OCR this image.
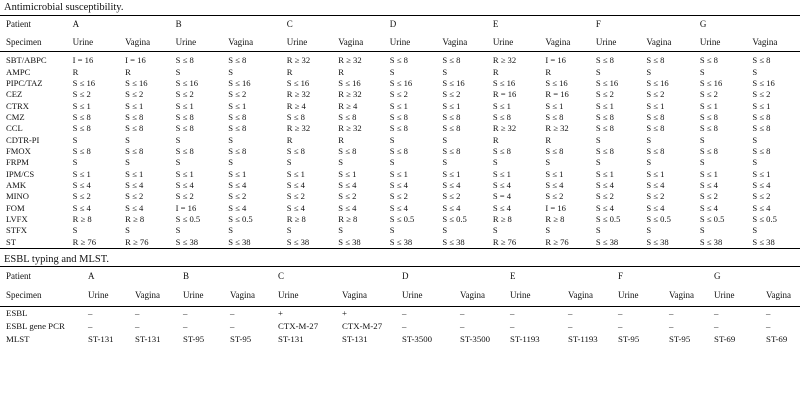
Antimicrobial susceptibility.
Patient	A		B		C		D		E		F		G	
Specimen	Urine	Vagina	Urine	Vagina	Urine	Vagina	Urine	Vagina	Urine	Vagina	Urine	Vagina	Urine	Vagina
SBT/ABPC	I = 16	I = 16	S ≤ 8	S ≤ 8	R ≥ 32	R ≥ 32	S ≤ 8	S ≤ 8	R ≥ 32	I = 16	S ≤ 8	S ≤ 8	S ≤ 8	S ≤ 8
AMPC	R	R	S	S	R	R	S	S	R	R	S	S	S	S
PIPC/TAZ	S ≤ 16	S ≤ 16	S ≤ 16	S ≤ 16	S ≤ 16	S ≤ 16	S ≤ 16	S ≤ 16	S ≤ 16	S ≤ 16	S ≤ 16	S ≤ 16	S ≤ 16	S ≤ 16
CEZ	S ≤ 2	S ≤ 2	S ≤ 2	S ≤ 2	R ≥ 32	R ≥ 32	S ≤ 2	S ≤ 2	R = 16	R = 16	S ≤ 2	S ≤ 2	S ≤ 2	S ≤ 2
CTRX	S ≤ 1	S ≤ 1	S ≤ 1	S ≤ 1	R ≥ 4	R ≥ 4	S ≤ 1	S ≤ 1	S ≤ 1	S ≤ 1	S ≤ 1	S ≤ 1	S ≤ 1	S ≤ 1
CMZ	S ≤ 8	S ≤ 8	S ≤ 8	S ≤ 8	S ≤ 8	S ≤ 8	S ≤ 8	S ≤ 8	S ≤ 8	S ≤ 8	S ≤ 8	S ≤ 8	S ≤ 8	S ≤ 8
CCL	S ≤ 8	S ≤ 8	S ≤ 8	S ≤ 8	R ≥ 32	R ≥ 32	S ≤ 8	S ≤ 8	R ≥ 32	R ≥ 32	S ≤ 8	S ≤ 8	S ≤ 8	S ≤ 8
CDTR-PI	S	S	S	S	R	R	S	S	R	R	S	S	S	S
FMOX	S ≤ 8	S ≤ 8	S ≤ 8	S ≤ 8	S ≤ 8	S ≤ 8	S ≤ 8	S ≤ 8	S ≤ 8	S ≤ 8	S ≤ 8	S ≤ 8	S ≤ 8	S ≤ 8
FRPM	S	S	S	S	S	S	S	S	S	S	S	S	S	S
IPM/CS	S ≤ 1	S ≤ 1	S ≤ 1	S ≤ 1	S ≤ 1	S ≤ 1	S ≤ 1	S ≤ 1	S ≤ 1	S ≤ 1	S ≤ 1	S ≤ 1	S ≤ 1	S ≤ 1
AMK	S ≤ 4	S ≤ 4	S ≤ 4	S ≤ 4	S ≤ 4	S ≤ 4	S ≤ 4	S ≤ 4	S ≤ 4	S ≤ 4	S ≤ 4	S ≤ 4	S ≤ 4	S ≤ 4
MINO	S ≤ 2	S ≤ 2	S ≤ 2	S ≤ 2	S ≤ 2	S ≤ 2	S ≤ 2	S ≤ 2	S = 4	S ≤ 2	S ≤ 2	S ≤ 2	S ≤ 2	S ≤ 2
FOM	S ≤ 4	S ≤ 4	I = 16	S ≤ 4	S ≤ 4	S ≤ 4	S ≤ 4	S ≤ 4	S ≤ 4	I = 16	S ≤ 4	S ≤ 4	S ≤ 4	S ≤ 4
LVFX	R ≥ 8	R ≥ 8	S ≤ 0.5	S ≤ 0.5	R ≥ 8	R ≥ 8	S ≤ 0.5	S ≤ 0.5	R ≥ 8	R ≥ 8	S ≤ 0.5	S ≤ 0.5	S ≤ 0.5	S ≤ 0.5
STFX	S	S	S	S	S	S	S	S	S	S	S	S	S	S
ST	R ≥ 76	R ≥ 76	S ≤ 38	S ≤ 38	S ≤ 38	S ≤ 38	S ≤ 38	S ≤ 38	R ≥ 76	R ≥ 76	S ≤ 38	S ≤ 38	S ≤ 38	S ≤ 38
ESBL typing and MLST.
Patient	A		B		C		D		E		F		G	
Specimen	Urine	Vagina	Urine	Vagina	Urine	Vagina	Urine	Vagina	Urine	Vagina	Urine	Vagina	Urine	Vagina
ESBL	–	–	–	–	+	+	–	–	–	–	–	–	–	–
ESBL gene PCR	–	–	–	–	CTX-M-27	CTX-M-27	–	–	–	–	–	–	–	–
MLST	ST-131	ST-131	ST-95	ST-95	ST-131	ST-131	ST-3500	ST-3500	ST-1193	ST-1193	ST-95	ST-95	ST-69	ST-69
